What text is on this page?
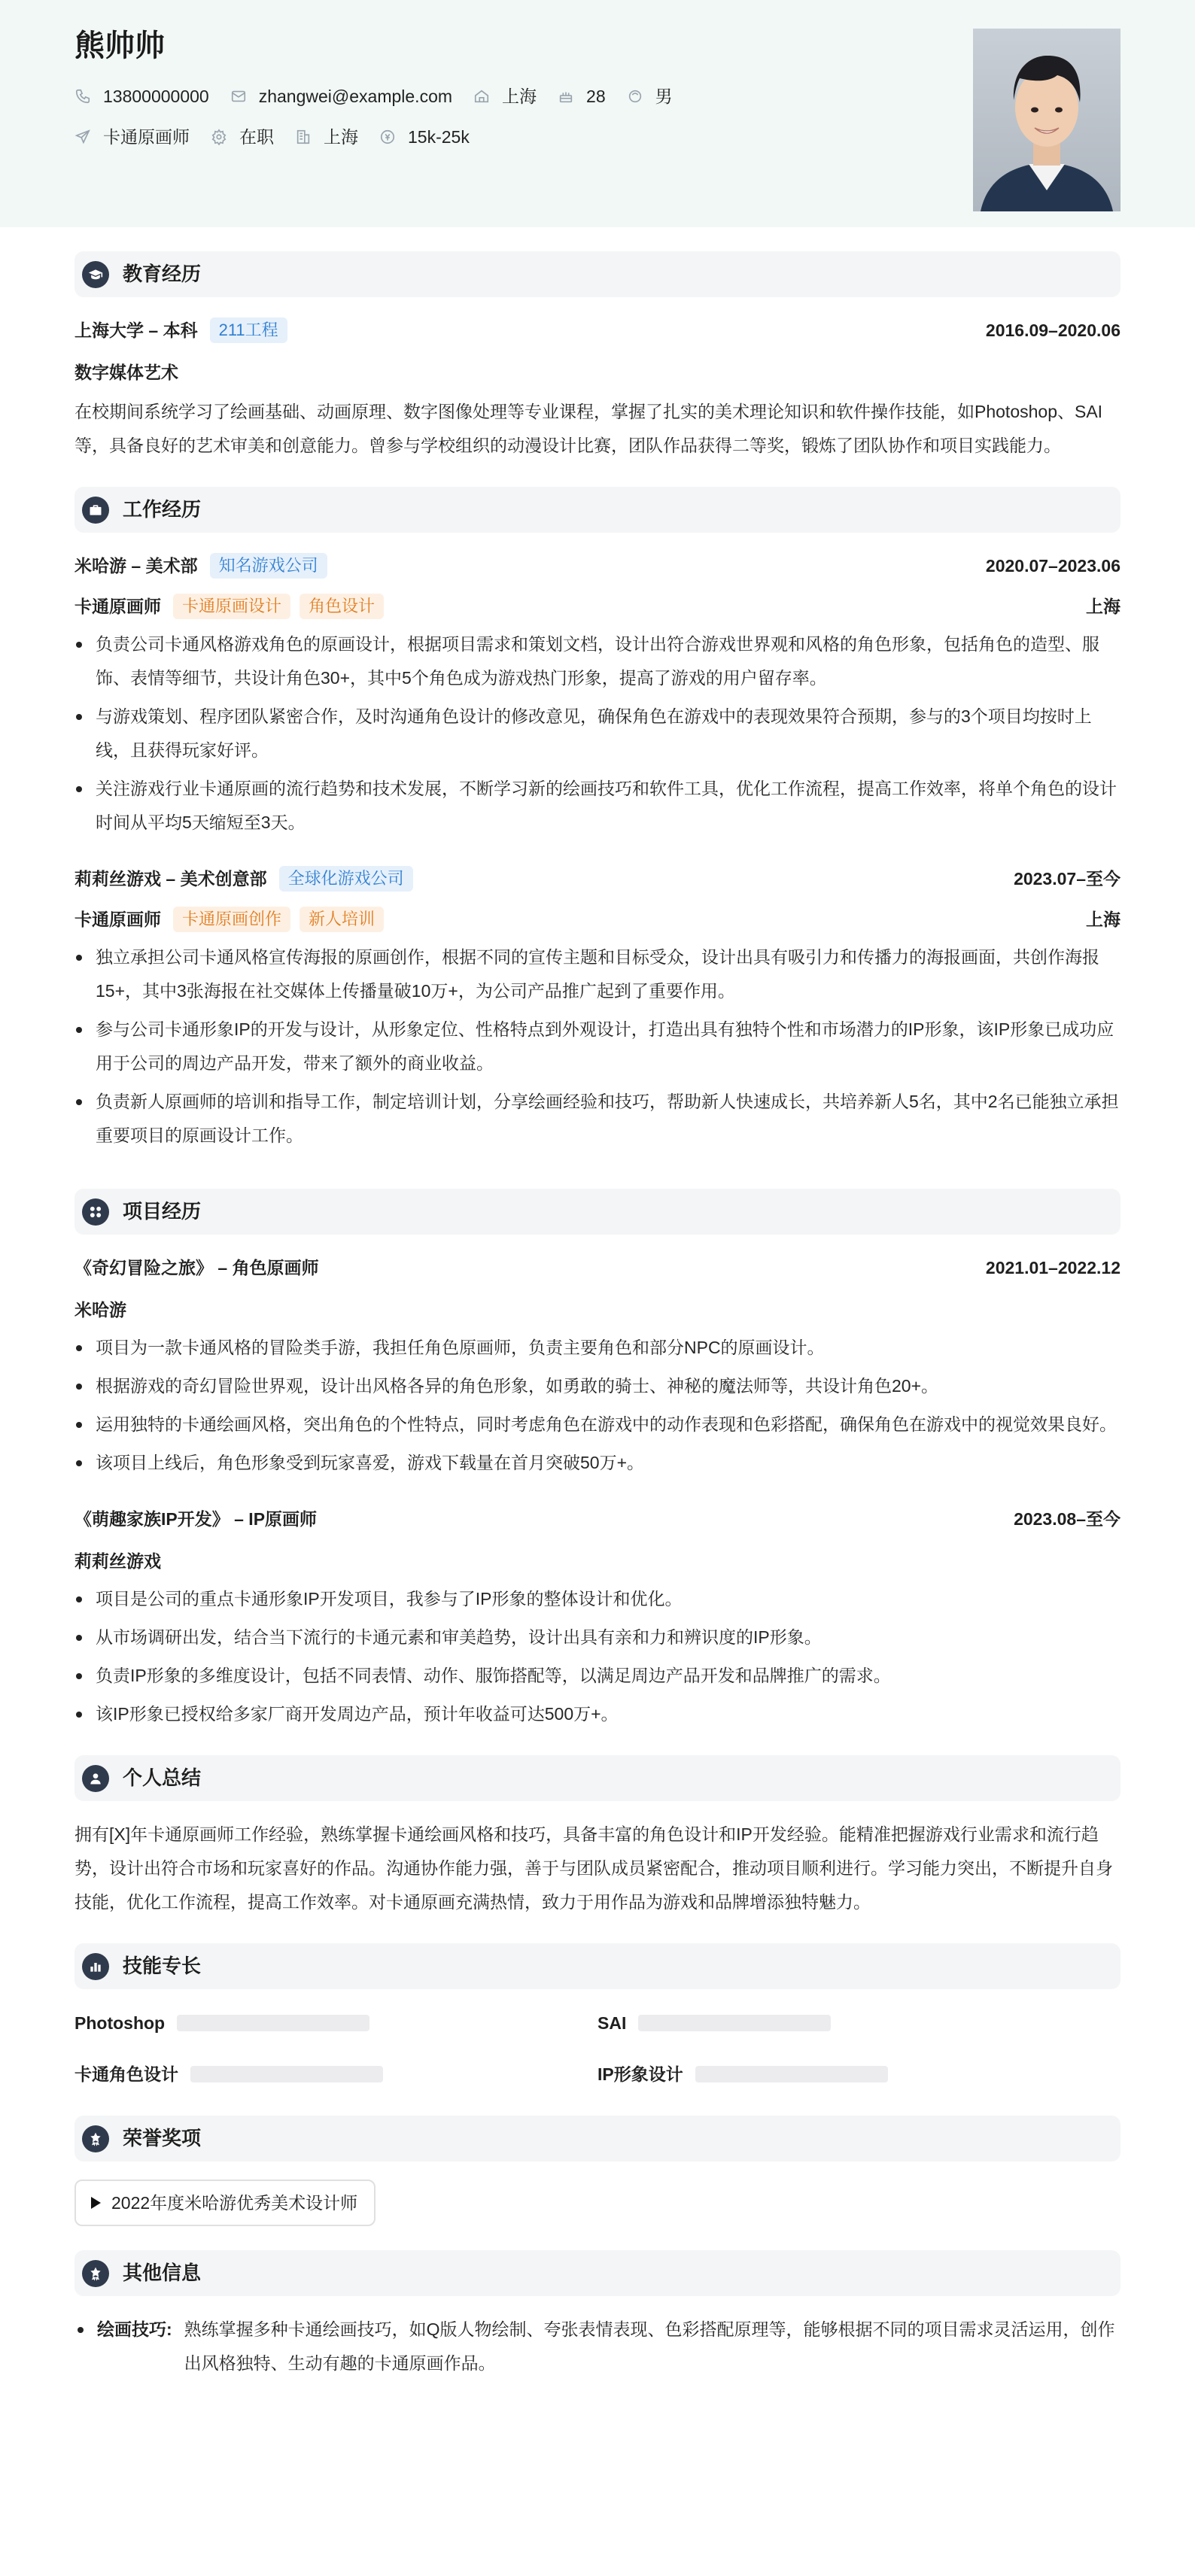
熊帅帅
13800000000	zhangwei@example.com	上海	28	男
卡通原画师	在职	上海	15k-25k
教育经历
上海大学 – 本科	211工程	2016.09–2020.06
数字媒体艺术
在校期间系统学习了绘画基础、动画原理、数字图像处理等专业课程，掌握了扎实的美术理论知识和软件操作技能，如Photoshop、SAI等，具备良好的艺术审美和创意能力。曾参与学校组织的动漫设计比赛，团队作品获得二等奖，锻炼了团队协作和项目实践能力。
工作经历
米哈游 – 美术部	知名游戏公司	2020.07–2023.06
卡通原画师	卡通原画设计	角色设计	上海
负责公司卡通风格游戏角色的原画设计，根据项目需求和策划文档，设计出符合游戏世界观和风格的角色形象，包括角色的造型、服饰、表情等细节，共设计角色30+，其中5个角色成为游戏热门形象，提高了游戏的用户留存率。
与游戏策划、程序团队紧密合作，及时沟通角色设计的修改意见，确保角色在游戏中的表现效果符合预期，参与的3个项目均按时上线，且获得玩家好评。
关注游戏行业卡通原画的流行趋势和技术发展，不断学习新的绘画技巧和软件工具，优化工作流程，提高工作效率，将单个角色的设计时间从平均5天缩短至3天。
莉莉丝游戏 – 美术创意部	全球化游戏公司	2023.07–至今
卡通原画师	卡通原画创作	新人培训	上海
独立承担公司卡通风格宣传海报的原画创作，根据不同的宣传主题和目标受众，设计出具有吸引力和传播力的海报画面，共创作海报15+，其中3张海报在社交媒体上传播量破10万+，为公司产品推广起到了重要作用。
参与公司卡通形象IP的开发与设计，从形象定位、性格特点到外观设计，打造出具有独特个性和市场潜力的IP形象，该IP形象已成功应用于公司的周边产品开发，带来了额外的商业收益。
负责新人原画师的培训和指导工作，制定培训计划，分享绘画经验和技巧，帮助新人快速成长，共培养新人5名，其中2名已能独立承担重要项目的原画设计工作。
项目经历
《奇幻冒险之旅》 – 角色原画师	2021.01–2022.12
米哈游
项目为一款卡通风格的冒险类手游，我担任角色原画师，负责主要角色和部分NPC的原画设计。
根据游戏的奇幻冒险世界观，设计出风格各异的角色形象，如勇敢的骑士、神秘的魔法师等，共设计角色20+。
运用独特的卡通绘画风格，突出角色的个性特点，同时考虑角色在游戏中的动作表现和色彩搭配，确保角色在游戏中的视觉效果良好。
该项目上线后，角色形象受到玩家喜爱，游戏下载量在首月突破50万+。
《萌趣家族IP开发》 – IP原画师	2023.08–至今
莉莉丝游戏
项目是公司的重点卡通形象IP开发项目，我参与了IP形象的整体设计和优化。
从市场调研出发，结合当下流行的卡通元素和审美趋势，设计出具有亲和力和辨识度的IP形象。
负责IP形象的多维度设计，包括不同表情、动作、服饰搭配等，以满足周边产品开发和品牌推广的需求。
该IP形象已授权给多家厂商开发周边产品，预计年收益可达500万+。
个人总结
拥有[X]年卡通原画师工作经验，熟练掌握卡通绘画风格和技巧，具备丰富的角色设计和IP开发经验。能精准把握游戏行业需求和流行趋势，设计出符合市场和玩家喜好的作品。沟通协作能力强，善于与团队成员紧密配合，推动项目顺利进行。学习能力突出，不断提升自身技能，优化工作流程，提高工作效率。对卡通原画充满热情，致力于用作品为游戏和品牌增添独特魅力。
技能专长
Photoshop	SAI
卡通角色设计	IP形象设计
荣誉奖项
2022年度米哈游优秀美术设计师
其他信息
绘画技巧: 熟练掌握多种卡通绘画技巧，如Q版人物绘制、夸张表情表现、色彩搭配原理等，能够根据不同的项目需求灵活运用，创作出风格独特、生动有趣的卡通原画作品。
